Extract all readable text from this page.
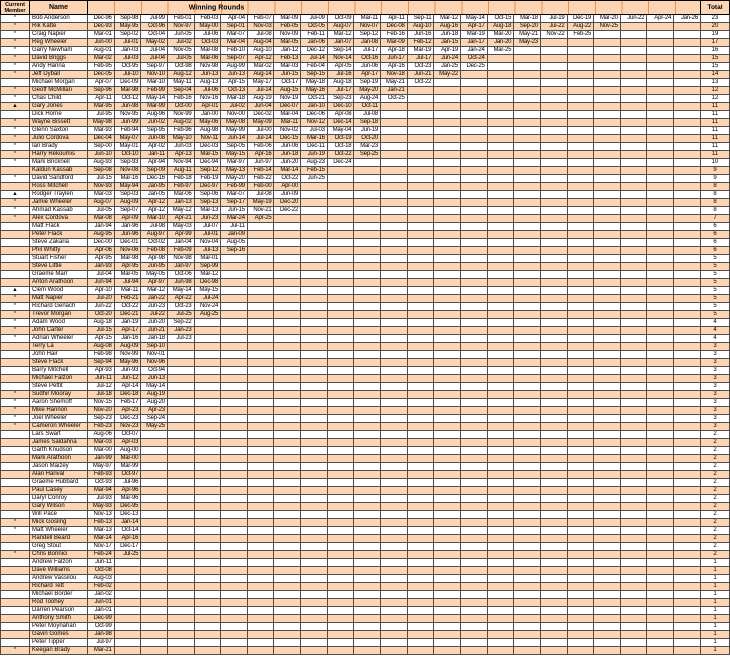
Current
Member	Name	Winning Rounds																							Total
*	Bob Anderson	Dec-96	Sep-98	Jul-99	Feb-01	Feb-03	Apr-04	Feb-07	Mar-09	Jul-09	Oct-09	Mar-11	Apr-11	Sep-11	Mar-12	May-14	Oct-15	Mar-18	Jul-19	Dec-19	Mar-20	Jun-22	Apr-24	Jan-26	23
*	Rik Katte	Dec-93	May-95	Oct-96	Nov-97	May-00	Sep-01	Nov-03	Feb-05	Oct-05	Aug-07	Nov-07	Dec-08	Aug-10	Aug-16	Apr-17	Aug-18	Sep-20	Jul-22	Aug-22	Nov-25				20
*	Craig Napier	Mar-01	Sep-02	Oct-04	Jun-05	Jul-06	Mar-07	Jul-08	Nov-09	Feb-11	Mar-12	Sep-12	Feb-16	Jun-16	Jun-18	Mar-19	Mar-20	May-21	Nov-22	Feb-25					19
*	Reg Wheeler	Jun-00	Jul-01	May-02	Jul-02	Oct-03	Mar-04	Aug-04	Mar-05	Jan-06	Jan-07	Jan-08	Mar-09	Feb-12	Jan-15	Jan-17	Jan-20	May-23							17
*	Garry Newham	Aug-01	Jan-03	Jul-04	Nov-05	Mar-08	Feb-10	Aug-10	Jan-12	Dec-12	Sep-14	Jul-17	Apr-18	Mar-19	Apr-19	Jan-24	Mar-25								16
*	David Briggs	Mar-02	Jul-03	Jul-04	Jul-05	Mar-06	Sep-07	Apr-12	Feb-13	Jul-14	Nov-14	Oct-16	Jun-17	Jul-17	Jun-24	Oct-24									15
*	Andy Hanna	Feb-95	Oct-95	Sep-97	Oct-98	Nov-98	Aug-99	Mar-02	Mar-03	Feb-04	Apr-05	Jun-06	Apr-16	Oct-23	Jan-25	Dec-25									15
*	Jeff Dyball	Dec-05	Jul-10	Nov-10	Aug-12	Jun-13	Jun-13	Aug-14	Jun-15	Sep-15	Jul-16	Apr-17	Nov-18	Jun-21	May-22										14
	Michael Morgan	Apr-07	Dec-09	Mar-10	May-11	Aug-13	Apr-15	May-17	Oct-17	May-18	Aug-18	Sep-19	May-21	Oct-22											13
*	Geoff McMillan	Sep-96	Mar-98	Feb-99	Sep-04	Jul-06	Oct-13	Jul-14	Aug-15	May-16	Jul-17	May-20	Jan-21												12
*	Chas Child	Apr-11	Oct-12	May-14	Feb-16	Nov-16	Mar-18	Aug-19	Nov-19	Oct-21	Sep-23	Aug-24	Oct-25												12
▲	Gary Jones	Mar-95	Jun-98	Mar-99	Oct-00	Apr-01	Jul-02	Jun-04	Dec-07	Jan-10	Dec-10	Oct-11													11
	Dick Horne	Jul-95	Nov-95	Aug-96	Nov-99	Jan-00	Nov-00	Dec-02	Mar-04	Dec-06	Apr-08	Jul-08													11
*	Wayne Bissett	May-98	Jun-99	Jun-02	Aug-02	May-06	May-08	May-09	Mar-11	Nov-12	Dec-14	Sep-18													11
*	Glenn Saxton	Mar-93	Feb-94	Sep-95	Feb-96	Aug-98	May-99	Jul-00	Nov-02	Jul-03	May-04	Jun-19													11
*	Julio Cordova	Dec-04	May-07	Jun-08	May-10	Nov-11	Jun-14	Jul-14	Dec-15	Mar-16	Oct-19	Oct-20													11
*	Ian Brady	Sep-00	May-01	Apr-02	Jun-03	Dec-03	Sep-05	Feb-06	Jun-06	Dec-11	Oct-18	Mar-23													11
*	Harry Rekoumis	Jun-10	Oct-10	Jan-11	Apr-13	Mar-15	May-15	Apr-16	Jun-18	Jun-19	Oct-22	Sep-25													11
*	Mark Bricknell	Aug-93	Sep-93	Apr-94	Nov-94	Dec-94	Mar-97	Jun-97	Jun-20	Aug-23	Dec-24														10
	Kaldun Kassab	Sep-08	Nov-08	Sep-09	Aug-11	Sep-12	May-13	Feb-14	Mar-14	Feb-15															9
*	David Sandford	Jul-15	Mar-16	Dec-16	Feb-18	Feb-19	May-20	Feb-22	Oct-22	Jun-25															9
	Ross Mitchell	Nov-93	May-94	Jan-95	Feb-97	Dec-97	Feb-99	Feb-00	Apr-00																8
▲	Rodger Traylen	Mar-03	Sep-03	Jan-05	Mar-06	Sep-06	Mar-07	Jul-08	Jun-09																8
*	Jamie Wheeler	Aug-07	Aug-09	Apr-12	Jan-13	Sep-13	Sep-17	May-19	Dec-20																8
*	Ahmad Kassab	Jul-05	Sep-07	Apr-12	May-12	Mar-13	Jun-15	Nov-21	Dec-22																8
*	Alex Cordova	Mar-08	Apr-09	Mar-10	Apr-21	Jun-23	Mar-24	Apr-25																	7
	Matt Flack	Jan-94	Jan-96	Jul-98	May-03	Jul-07	Jul-11																		6
	Peter Flack	Aug-95	Jun-96	Aug-97	Apr-99	Jul-01	Jan-09																		6
	Steve Zakaria	Dec-00	Dec-01	Oct-02	Jan-04	Nov-04	Aug-05																		6
	Phil Whitty	Apr-06	Nov-06	Feb-08	Feb-09	Jul-13	Sep-16																		6
	Stuart Fisher	Apr-95	Mar-98	Apr-98	Nov-98	Mar-01																			5
	Steve Little	Jan-93	Apr-95	Jun-95	Jan-97	Sep-99																			5
	Graeme Marr	Jul-04	Mar-05	May-05	Oct-06	Mar-12																			5
	Anton Arathoon	Jun-94	Jul-94	Apr-97	Jun-98	Dec-98																			5
▲	Clem Wood	Apr-10	Mar-11	Mar-12	May-14	May-15																			5
*	Matt Napier	Jul-20	Feb-21	Jan-22	Apr-22	Jul-24																			5
*	Richard Gerlach	Jun-22	Oct-22	Jun-23	Oct-23	Nov-24																			5
*	Trevor Morgan	Oct-20	Dec-21	Jul-22	Jul-25	Aug-25																			5
*	Adam Wood	Aug-18	Jan-19	Jun-20	Sep-22																				4
*	John Carter	Jul-15	Apr-17	Jun-21	Jan-23																				4
*	Adrian Wheeler	Apr-15	Jan-16	Jan-18	Jul-23																				4
	Terry La	Aug-08	Aug-09	Sep-10																					3
	John Hair	Feb-98	Nov-99	Nov-01																					3
	Steve Flack	Sep-94	May-96	Nov-96																					3
	Barry Mitchell	Apr-93	Jun-93	Oct-94																					3
	Michael Falzon	Jun-11	Jun-12	Jun-13																					3
	Steve Pettit	Jul-12	Apr-14	May-14																					3
*	Sudhir Mooray	Jul-18	Dec-18	Aug-19																					3
*	Aaron Shemoff	Nov-15	Feb-17	Aug-20																					3
*	Mike Hannon	Nov-20	Apr-23	Apr-23																					3
*	Joel Wheeler	Sep-23	Dec-23	Sep-24																					3
*	Cameron Wheeler	Feb-23	Nov-23	May-25																					3
	Lars Swart	Aug-06	Oct-07																						2
	James Saldahna	Mar-03	Apr-03																						2
	Garth Knudson	Mar-00	Aug-00																						2
	Mark Arathoon	Jan-99	Mar-00																						2
	Jason Maizey	May-97	Mar-99																						2
	Alan Harival	Feb-93	Oct-97																						2
	Graeme Hubbard	Oct-93	Jul-96																						2
	Paul Casey	Mar-94	Apr-96																						2
	Daryl Conroy	Jul-93	Mar-96																						2
	Gary Wilson	May-93	Dec-95																						2
	Will Pace	Nov-13	Dec-13																						2
*	Mick Gosling	Feb-13	Jan-14																						2
*	Matt Wheeler	Mar-13	Oct-14																						2
	Randell Beard	Mar-14	Apr-16																						2
	Greg Stout	Nov-17	Dec-17																						2
*	Chris Bonnici	Feb-24	Jul-25																						2
	Andrew Falzon	Jun-11																							1
	Dave Williams	Oct-08																							1
	Andrew Vassilou	Aug-03																							1
	Richard Tett	Feb-02																							1
	Michael Border	Jan-02																							1
	Rod Toohey	Jun-01																							1
	Darren Pearson	Jan-01																							1
	Anthony Smith	Dec-99																							1
	Peter Moynahan	Oct-99																							1
	Gavin Gomes	Jan-98																							1
	Peter Tipper	Jul-97																							1
*	Keegan Brady	Mar-21																							1
